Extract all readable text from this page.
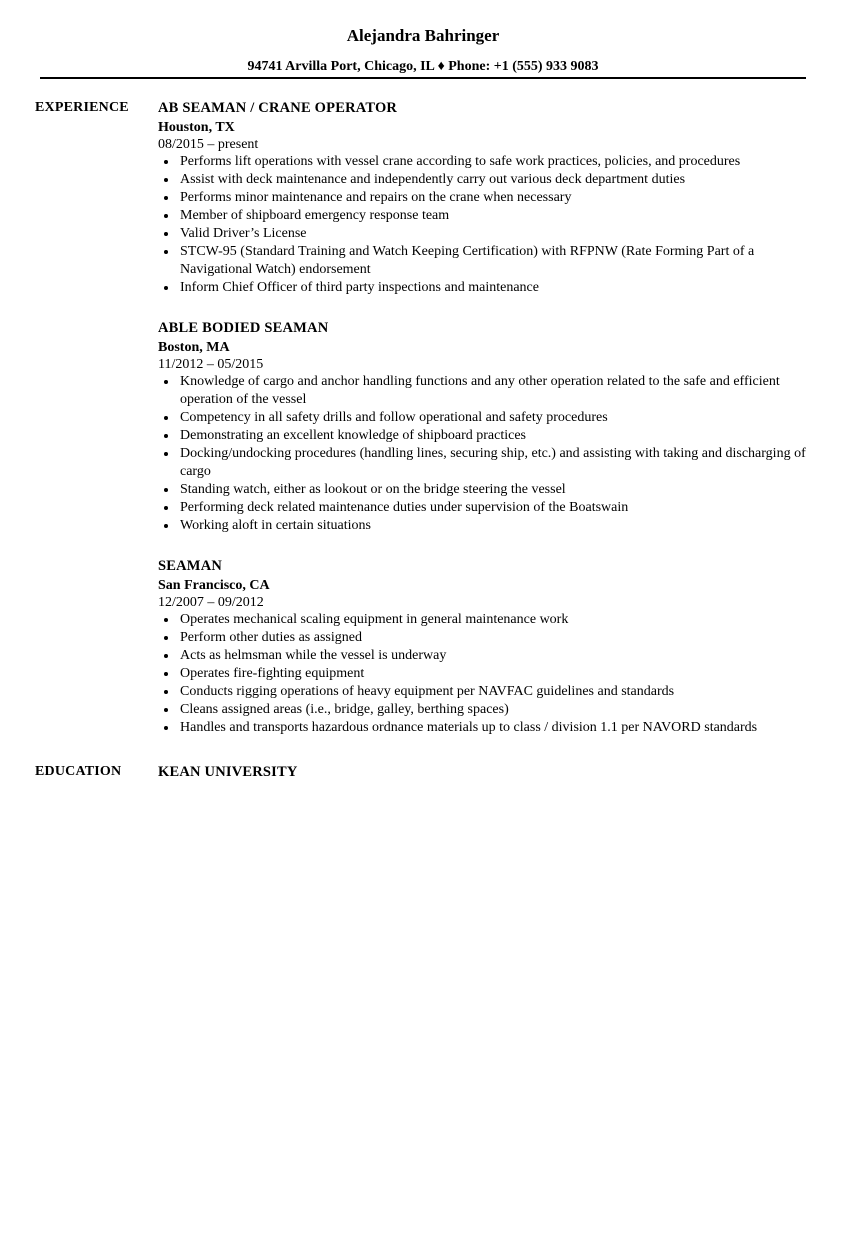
Alejandra Bahringer
94741 Arvilla Port, Chicago, IL ♦ Phone: +1 (555) 933 9083
EXPERIENCE AB SEAMAN / CRANE OPERATOR
Houston, TX
08/2015 – present
Performs lift operations with vessel crane according to safe work practices, policies, and procedures
Assist with deck maintenance and independently carry out various deck department duties
Performs minor maintenance and repairs on the crane when necessary
Member of shipboard emergency response team
Valid Driver’s License
STCW-95 (Standard Training and Watch Keeping Certification) with RFPNW (Rate Forming Part of a Navigational Watch) endorsement
Inform Chief Officer of third party inspections and maintenance
ABLE BODIED SEAMAN
Boston, MA
11/2012 – 05/2015
Knowledge of cargo and anchor handling functions and any other operation related to the safe and efficient operation of the vessel
Competency in all safety drills and follow operational and safety procedures
Demonstrating an excellent knowledge of shipboard practices
Docking/undocking procedures (handling lines, securing ship, etc.) and assisting with taking and discharging of cargo
Standing watch, either as lookout or on the bridge steering the vessel
Performing deck related maintenance duties under supervision of the Boatswain
Working aloft in certain situations
SEAMAN
San Francisco, CA
12/2007 – 09/2012
Operates mechanical scaling equipment in general maintenance work
Perform other duties as assigned
Acts as helmsman while the vessel is underway
Operates fire-fighting equipment
Conducts rigging operations of heavy equipment per NAVFAC guidelines and standards
Cleans assigned areas (i.e., bridge, galley, berthing spaces)
Handles and transports hazardous ordnance materials up to class / division 1.1 per NAVORD standards
EDUCATION	KEAN UNIVERSITY
